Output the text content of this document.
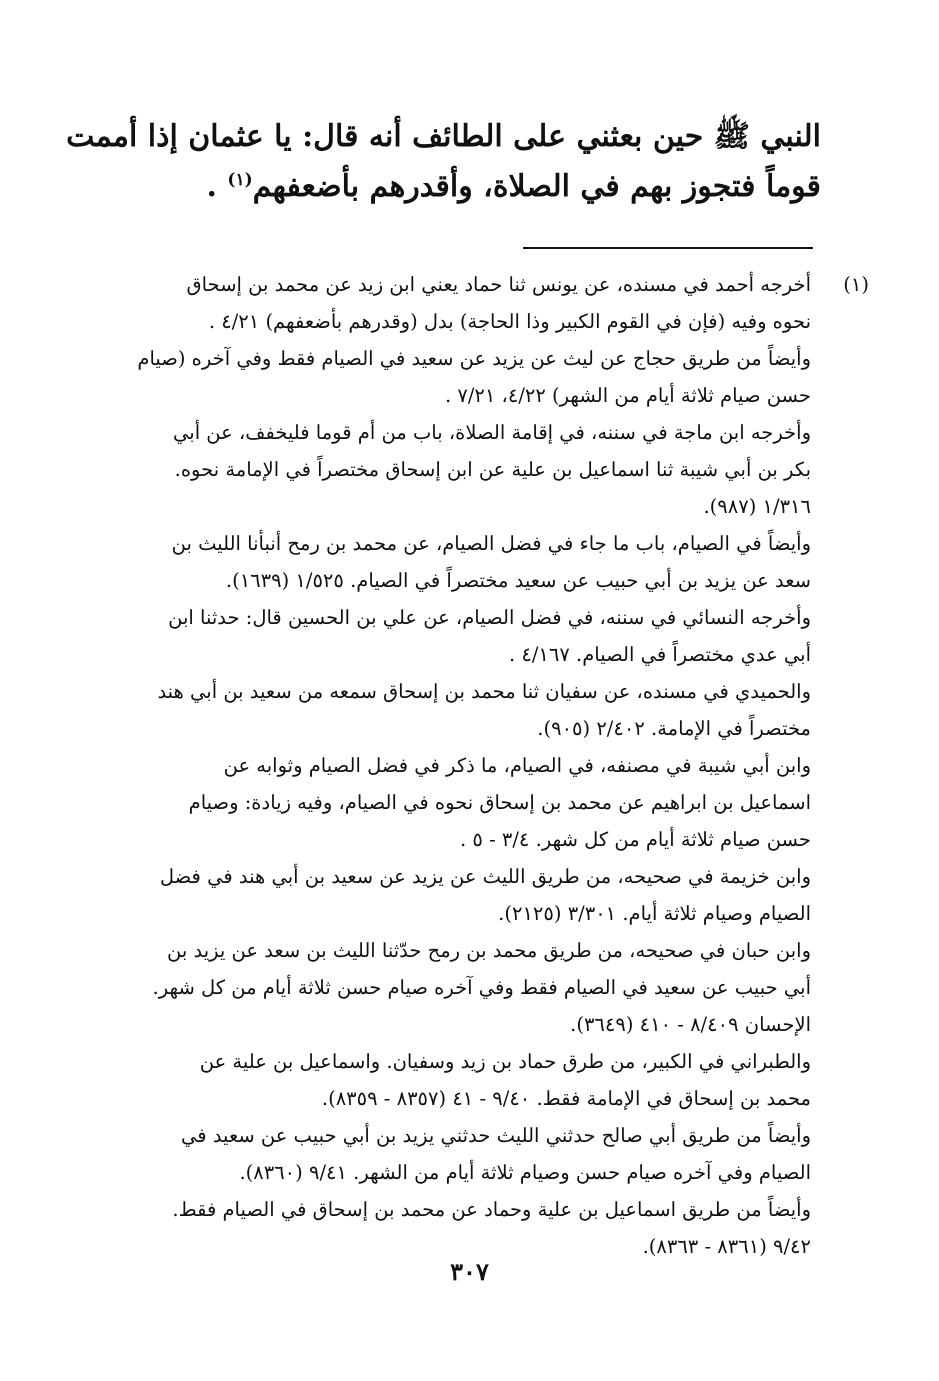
النبي ﷺ حين بعثني على الطائف أنه قال: يا عثمان إذا أممت
قوماً فتجوز بهم في الصلاة، وأقدرهم بأضعفهم$^{(١)}$ .
(١)
أخرجه أحمد في مسنده، عن يونس ثنا حماد يعني ابن زيد عن محمد بن إسحاق
نحوه وفيه (فإن في القوم الكبير وذا الحاجة) بدل (وقدرهم بأضعفهم) ٤/٢١ .
وأيضاً من طريق حجاج عن ليث عن يزيد عن سعيد في الصيام فقط وفي آخره (صيام
حسن صيام ثلاثة أيام من الشهر) ٤/٢٢، ٧/٢١ .
وأخرجه ابن ماجة في سننه، في إقامة الصلاة، باب من أم قوما فليخفف، عن أبي
بكر بن أبي شيبة ثنا اسماعيل بن علية عن ابن إسحاق مختصراً في الإمامة نحوه.
١/٣١٦ (٩٨٧).
وأيضاً في الصيام، باب ما جاء في فضل الصيام، عن محمد بن رمح أنبأنا الليث بن
سعد عن يزيد بن أبي حبيب عن سعيد مختصراً في الصيام. ١/٥٢٥ (١٦٣٩).
وأخرجه النسائي في سننه، في فضل الصيام، عن علي بن الحسين قال: حدثنا ابن
أبي عدي مختصراً في الصيام. ٤/١٦٧ .
والحميدي في مسنده، عن سفيان ثنا محمد بن إسحاق سمعه من سعيد بن أبي هند
مختصراً في الإمامة. ٢/٤٠٢ (٩٠٥).
وابن أبي شيبة في مصنفه، في الصيام، ما ذكر في فضل الصيام وثوابه عن
اسماعيل بن ابراهيم عن محمد بن إسحاق نحوه في الصيام، وفيه زيادة: وصيام
حسن صيام ثلاثة أيام من كل شهر. ٣/٤ - ٥ .
وابن خزيمة في صحيحه، من طريق الليث عن يزيد عن سعيد بن أبي هند في فضل
الصيام وصيام ثلاثة أيام. ٣/٣٠١ (٢١٢٥).
وابن حبان في صحيحه، من طريق محمد بن رمح حدّثنا الليث بن سعد عن يزيد بن
أبي حبيب عن سعيد في الصيام فقط وفي آخره صيام حسن ثلاثة أيام من كل شهر.
الإحسان ٨/٤٠٩ - ٤١٠ (٣٦٤٩).
والطبراني في الكبير، من طرق حماد بن زيد وسفيان. واسماعيل بن علية عن
محمد بن إسحاق في الإمامة فقط. ٩/٤٠ - ٤١ (٨٣٥٧ - ٨٣٥٩).
وأيضاً من طريق أبي صالح حدثني الليث حدثني يزيد بن أبي حبيب عن سعيد في
الصيام وفي آخره صيام حسن وصيام ثلاثة أيام من الشهر. ٩/٤١ (٨٣٦٠).
وأيضاً من طريق اسماعيل بن علية وحماد عن محمد بن إسحاق في الصيام فقط.
٩/٤٢ (٨٣٦١ - ٨٣٦٣).
٣٠٧
